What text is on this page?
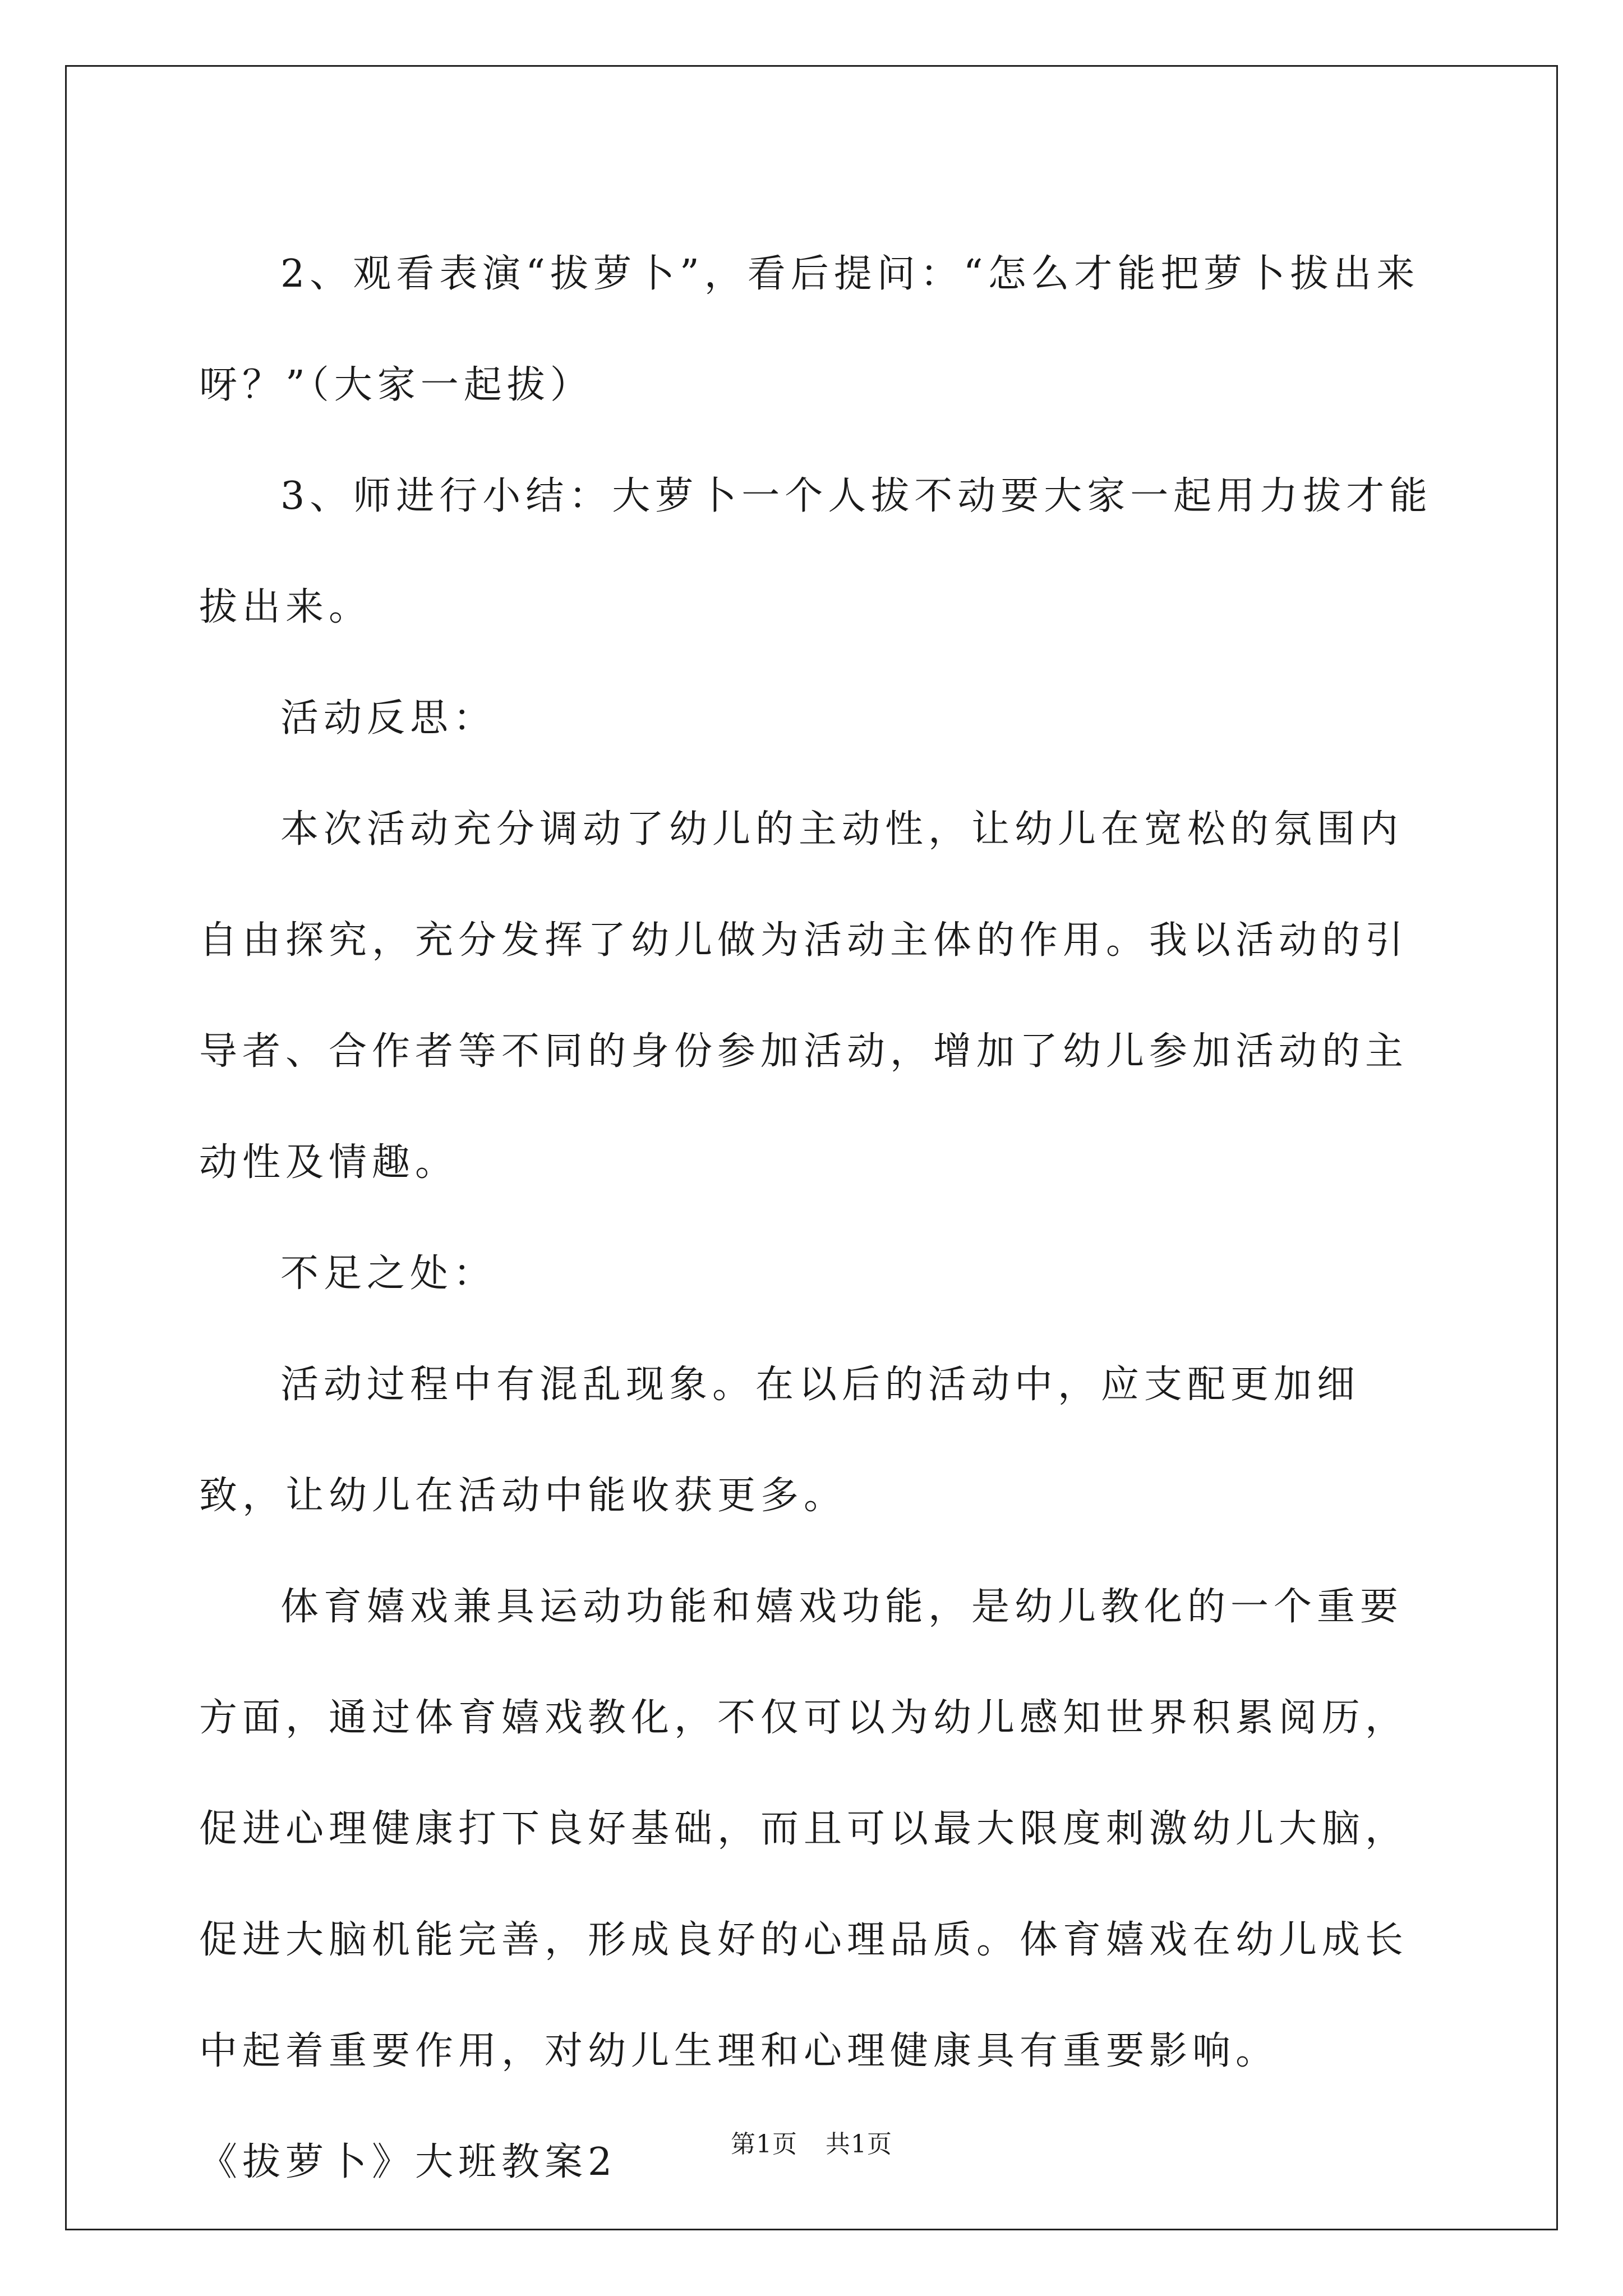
2、观看表演“拔萝卜”，看后提问：“怎么才能把萝卜拔出来呀？”（大家一起拔）

3、师进行小结：大萝卜一个人拔不动要大家一起用力拔才能拔出来。

活动反思：

本次活动充分调动了幼儿的主动性，让幼儿在宽松的氛围内自由探究，充分发挥了幼儿做为活动主体的作用。我以活动的引导者、合作者等不同的身份参加活动，增加了幼儿参加活动的主动性及情趣。

不足之处：

活动过程中有混乱现象。在以后的活动中，应支配更加细致，让幼儿在活动中能收获更多。

体育嬉戏兼具运动功能和嬉戏功能，是幼儿教化的一个重要方面，通过体育嬉戏教化，不仅可以为幼儿感知世界积累阅历，促进心理健康打下良好基础，而且可以最大限度刺激幼儿大脑，促进大脑机能完善，形成良好的心理品质。体育嬉戏在幼儿成长中起着重要作用，对幼儿生理和心理健康具有重要影响。

《拔萝卜》大班教案2	第1页 共1页
